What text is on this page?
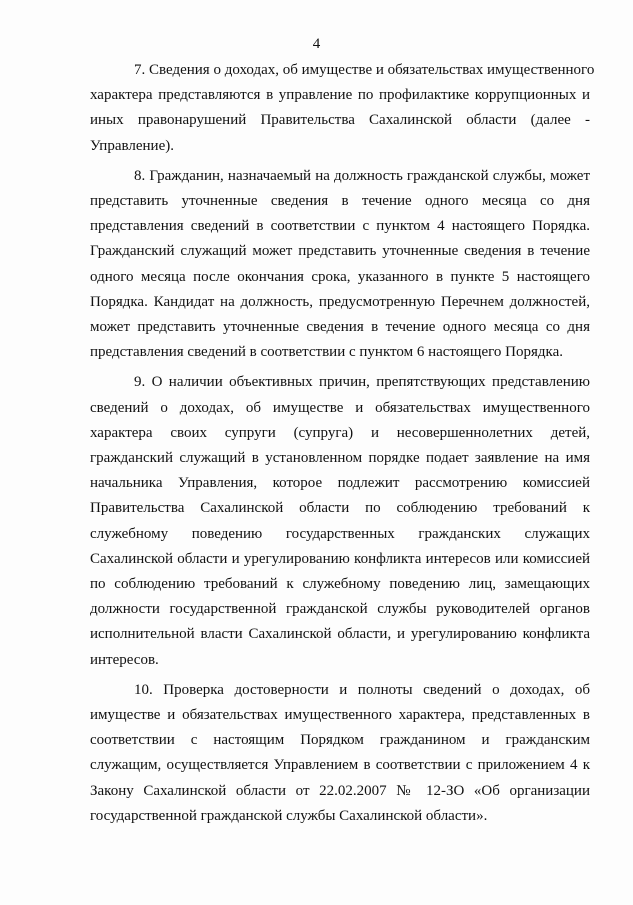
4

7. Сведения о доходах, об имуществе и обязательствах имущественного
характера представляются в управление по профилактике коррупционных и
иных правонарушений Правительства Сахалинской области (далее -
Управление).

8. Гражданин, назначаемый на должность гражданской службы, может
представить уточненные сведения в течение одного месяца со дня
представления сведений в соответствии с пунктом 4 настоящего Порядка.
Гражданский служащий может представить уточненные сведения в течение
одного месяца после окончания срока, указанного в пункте 5 настоящего
Порядка. Кандидат на должность, предусмотренную Перечнем должностей,
может представить уточненные сведения в течение одного месяца со дня
представления сведений в соответствии с пунктом 6 настоящего Порядка.

9. О наличии объективных причин, препятствующих представлению
сведений о доходах, об имуществе и обязательствах имущественного
характера своих супруги (супруга) и несовершеннолетних детей,
гражданский служащий в установленном порядке подает заявление на имя
начальника Управления, которое подлежит рассмотрению комиссией
Правительства Сахалинской области по соблюдению требований к
служебному поведению государственных гражданских служащих
Сахалинской области и урегулированию конфликта интересов или комиссией
по соблюдению требований к служебному поведению лиц, замещающих
должности государственной гражданской службы руководителей органов
исполнительной власти Сахалинской области, и урегулированию конфликта
интересов.

10. Проверка достоверности и полноты сведений о доходах, об
имуществе и обязательствах имущественного характера, представленных в
соответствии с настоящим Порядком гражданином и гражданским
служащим, осуществляется Управлением в соответствии с приложением 4 к
Закону Сахалинской области от 22.02.2007 № 12-ЗО «Об организации
государственной гражданской службы Сахалинской области».
